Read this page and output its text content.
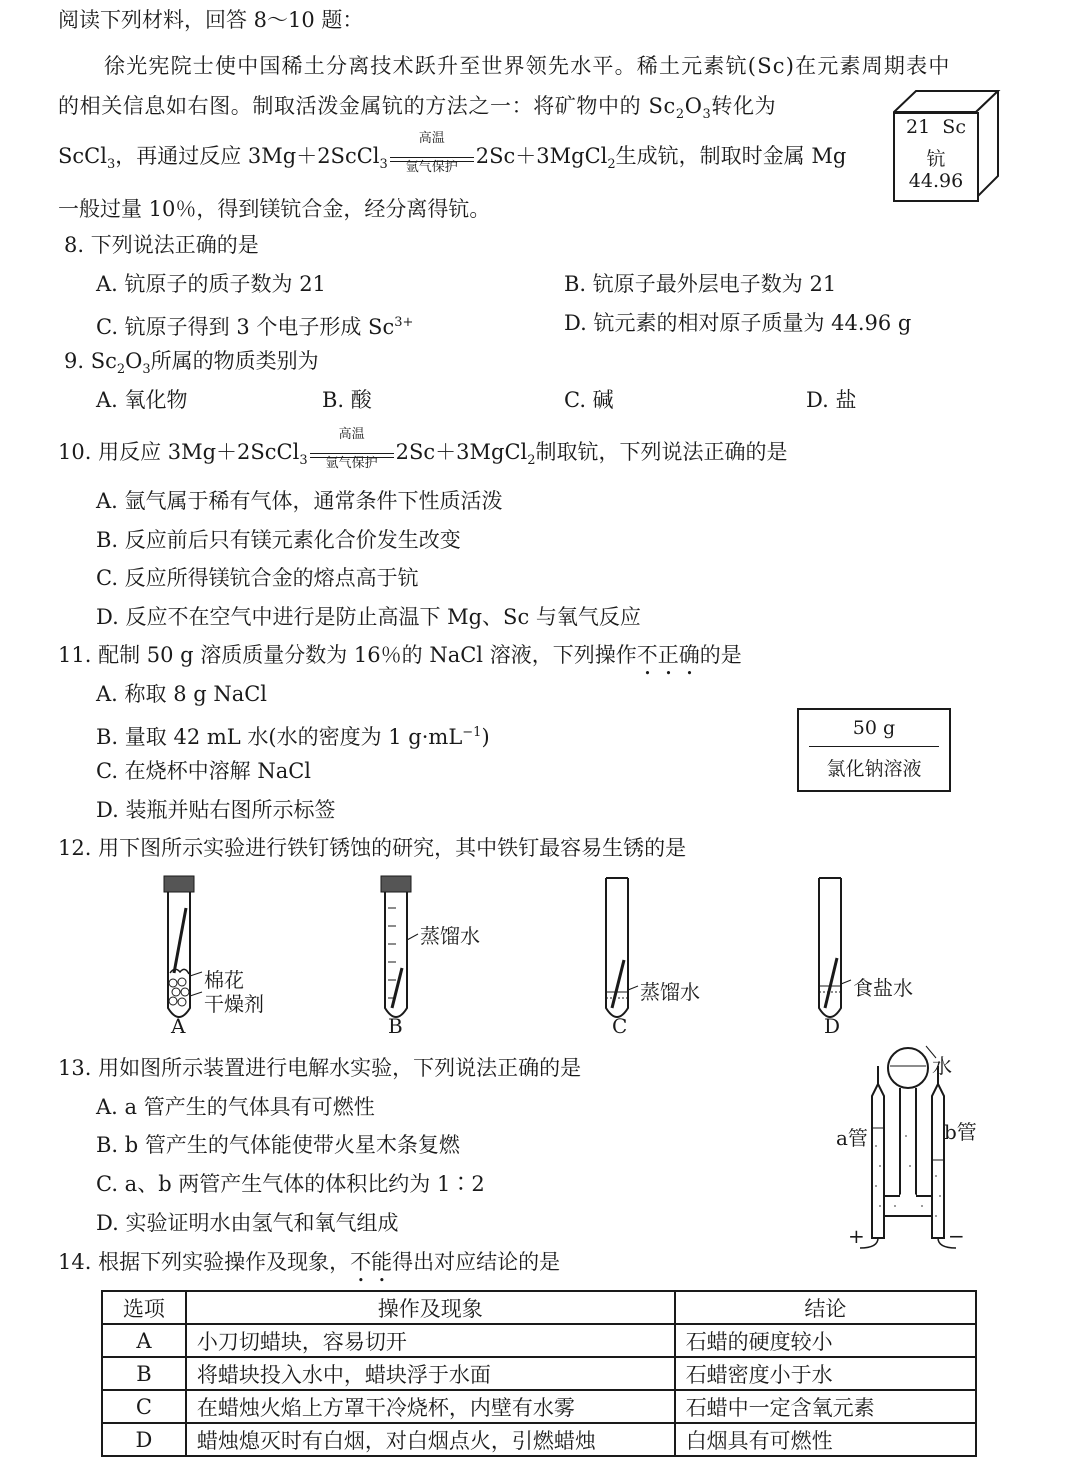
阅读下列材料，回答 8～10 题：
徐光宪院士使中国稀土分离技术跃升至世界领先水平。稀土元素钪(Sc)在元素周期表中
的相关信息如右图。制取活泼金属钪的方法之一：将矿物中的 $Sc_2O_3$转化为
ScCl$_3$，再通过反应 3Mg＋2ScCl$_3$
高温
氩气保护 2Sc＋3MgCl$_2$生成钪，制取时金属 Mg
一般过量 10％，得到镁钪合金，经分离得钪。
21 Sc
钪
44.96
8. 下列说法正确的是
A. 钪原子的质子数为 21	B. 钪原子最外层电子数为 21
C. 钪原子得到 3 个电子形成 $Sc^{3+}$	D. 钪元素的相对原子质量为 44.96 g
9. $Sc_2O_3$所属的物质类别为
A. 氧化物	B. 酸	C. 碱	D. 盐
10. 用反应 3Mg＋2ScCl$_3$
高温
氩气保护 2Sc＋3MgCl$_2$制取钪，下列说法正确的是
A. 氩气属于稀有气体，通常条件下性质活泼
B. 反应前后只有镁元素化合价发生改变
C. 反应所得镁钪合金的熔点高于钪
D. 反应不在空气中进行是防止高温下 Mg、Sc 与氧气反应
11. 配制 50 g 溶质质量分数为 16％的 NaCl 溶液，下列操作不正确的是
A. 称取 8 g NaCl
B. 量取 42 mL 水(水的密度为 1 $g\cdot mL^{-1}$)
C. 在烧杯中溶解 NaCl
D. 装瓶并贴右图所示标签
50 g
氯化钠溶液
12. 用下图所示实验进行铁钉锈蚀的研究，其中铁钉最容易生锈的是
棉花
干燥剂
A
蒸馏水
B
蒸馏水
C
食盐水
D
13. 用如图所示装置进行电解水实验，下列说法正确的是
A. a 管产生的气体具有可燃性
B. b 管产生的气体能使带火星木条复燃
C. a、b 两管产生气体的体积比约为 1∶2
D. 实验证明水由氢气和氧气组成
水
a管	b管
+	−
14. 根据下列实验操作及现象，不能得出对应结论的是
选项	操作及现象	结论
A	小刀切蜡块，容易切开	石蜡的硬度较小
B	将蜡块投入水中，蜡块浮于水面	石蜡密度小于水
C	在蜡烛火焰上方罩干冷烧杯，内壁有水雾	石蜡中一定含氧元素
D	蜡烛熄灭时有白烟，对白烟点火，引燃蜡烛	白烟具有可燃性
